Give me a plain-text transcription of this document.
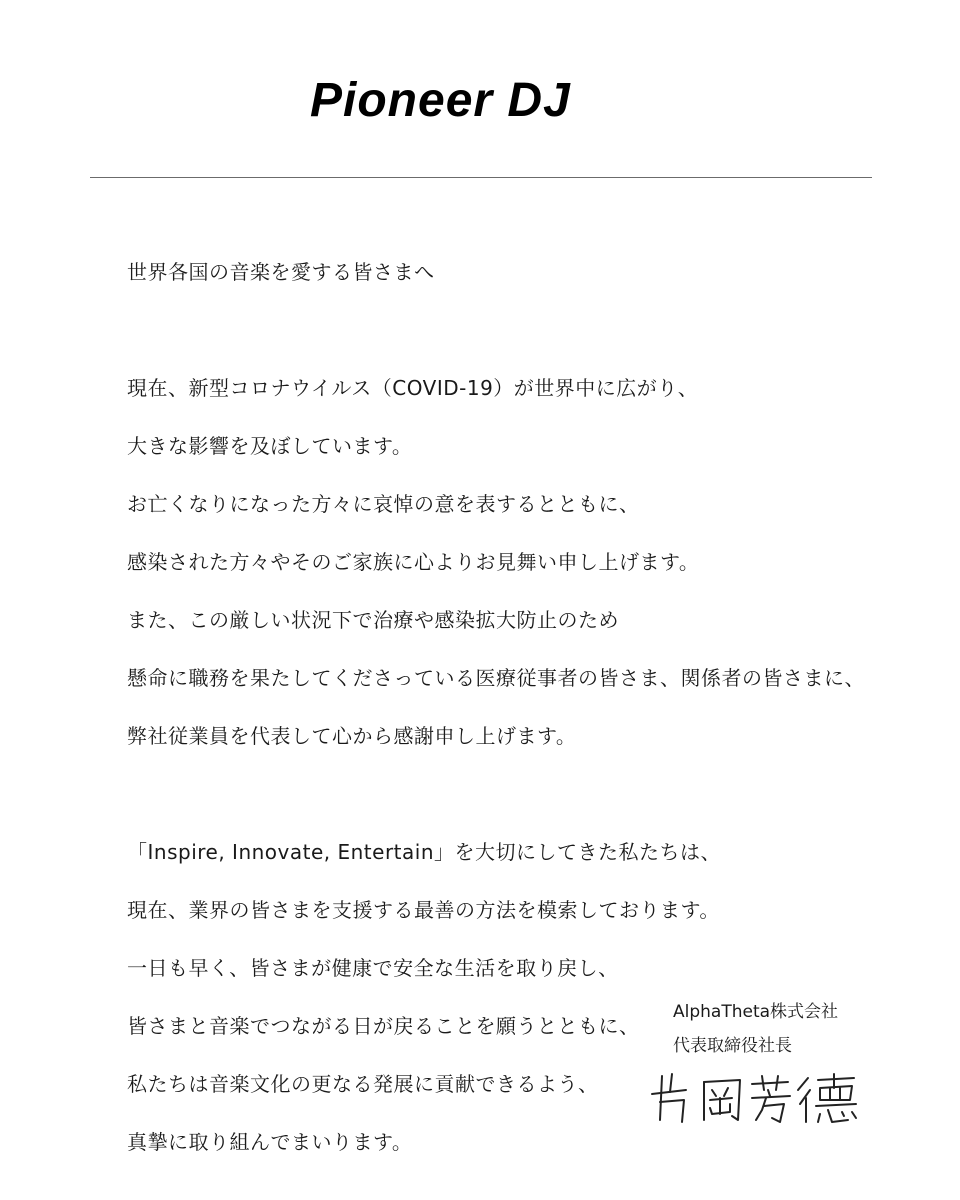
Pioneer DJ

世界各国の音楽を愛する皆さまへ

現在、新型コロナウイルス（COVID-19）が世界中に広がり、

大きな影響を及ぼしています。

お亡くなりになった方々に哀悼の意を表するとともに、

感染された方々やそのご家族に心よりお見舞い申し上げます。

また、この厳しい状況下で治療や感染拡大防止のため

懸命に職務を果たしてくださっている医療従事者の皆さま、関係者の皆さまに、

弊社従業員を代表して心から感謝申し上げます。

「Inspire, Innovate, Entertain」を大切にしてきた私たちは、

現在、業界の皆さまを支援する最善の方法を模索しております。

一日も早く、皆さまが健康で安全な生活を取り戻し、

皆さまと音楽でつながる日が戻ることを願うとともに、

私たちは音楽文化の更なる発展に貢献できるよう、

真摯に取り組んでまいります。

AlphaTheta株式会社

代表取締役社長
